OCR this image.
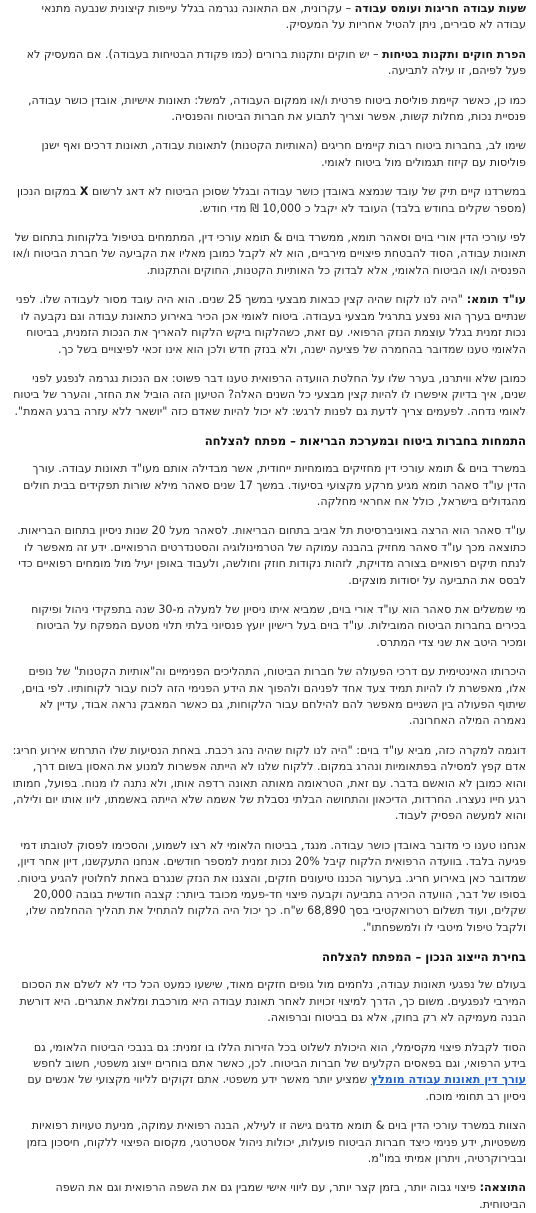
שעות עבודה חריגות ועומס עבודה – עקרונית, אם התאונה נגרמה בגלל עייפות קיצונית שנבעה מתנאי עבודה לא סבירים, ניתן להטיל אחריות על המעסיק.

הפרת חוקים ותקנות בטיחות – יש חוקים ותקנות ברורים (כמו פקודת הבטיחות בעבודה). אם המעסיק לא פעל לפיהם, זו עילה לתביעה.

כמו כן, כאשר קיימת פוליסת ביטוח פרטית ו/או ממקום העבודה, למשל: תאונות אישיות, אובדן כושר עבודה, פנסיית נכות, מחלות קשות, אפשר וצריך לתבוע את חברות הביטוח והפנסיה.

שימו לב, בחברות ביטוח רבות קיימים חריגים (האותיות הקטנות) לתאונות עבודה, תאונות דרכים ואף ישנן פוליסות עם קיזוז תגמולים מול ביטוח לאומי.

במשרדנו קיים תיק של עובד שנמצא באובדן כושר עבודה ובגלל שסוכן הביטוח לא דאג לרשום X במקום הנכון (מספר שקלים בחודש בלבד) העובד לא יקבל כ 10,000 ₪ מדי חודש.

לפי עורכי הדין אורי בוים וסאהר תומא, ממשרד בוים & תומא עורכי דין, המתמחים בטיפול בלקוחות בתחום של תאונות עבודה, הסוד להבטחת פיצויים מירביים, הוא לא לקבל כמובן מאליו את הקביעה של חברת הביטוח ו/או הפנסיה ו/או הביטוח הלאומי, אלא לבדוק כל האותיות הקטנות, החוקים והתקנות.

עו"ד תומא: "היה לנו לקוח שהיה קצין כבאות מבצעי במשך 25 שנים. הוא היה עובד מסור לעבודה שלו. לפני שנתיים בערך הוא נפצע בתרגיל מבצעי בעבודה. ביטוח לאומי אכן הכיר באירוע כתאונת עבודה וגם נקבעה לו נכות זמנית בגלל עוצמת הנזק הרפואי. עם זאת, כשהלקוח ביקש הלקוח להאריך את הנכות הזמנית, בביטוח הלאומי טענו שמדובר בהחמרה של פציעה ישנה, ולא בנזק חדש ולכן הוא אינו זכאי לפיצויים בשל כך.

כמובן שלא וויתרנו, בערר שלו על החלטת הוועדה הרפואית טענו דבר פשוט: אם הנכות נגרמה לנפגע לפני שנים, איך בדיוק איפשרו לו להיות קצין מבצעי כל השנים האלה? הטיעון הזה הוביל את החזר, והערר של ביטוח לאומי נדחה. לפעמים צריך לדעת גם לפנות לרגש: לא יכול להיות שאדם כזה "יושאר ללא עזרה ברגע האמת".

התמחות בחברות ביטוח ובמערכת הבריאות – מפתח להצלחה

במשרד בוים & תומא עורכי דין מחזיקים במומחיות ייחודית, אשר מבדילה אותם מעו"ד תאונות עבודה. עורך הדין עו"ד סאהר תומא מגיע מרקע מקצועי בסיעוד. במשך 17 שנים סאהר מילא שורות תפקידים בבית חולים מהגדולים בישראל, כולל אח אחראי מחלקה.

עו"ד סאהר הוא הרצה באוניברסיטת תל אביב בתחום הבריאות. לסאהר מעל 20 שנות ניסיון בתחום הבריאות. כתוצאה מכך עו"ד סאהר מחזיק בהבנה עמוקה של הטרמינולוגיה והסטנדרטים הרפואיים. ידע זה מאפשר לו לנתח תיקים רפואיים בצורה מדויקת, לזהות נקודות חוזק וחולשה, ולעבוד באופן יעיל מול מומחים רפואיים כדי לבסס את התביעה על יסודות מוצקים.

מי שמשלים את סאהר הוא עו"ד אורי בוים, שמביא איתו ניסיון של למעלה מ-30 שנה בתפקידי ניהול ופיקוח בכירים בחברות הביטוח המובילות. עו"ד בוים בעל רישיון יועץ פנסיוני בלתי תלוי מטעם המפקח על הביטוח ומכיר היטב את שני צדי המתרס.

היכרותו האינטימית עם דרכי הפעולה של חברות הביטוח, התהליכים הפנימיים וה"אותיות הקטנות" של נופים אלו, מאפשרת לו להיות תמיד צעד אחד לפניהם ולהפוך את הידע הפנימי הזה לכוח עבור לקוחותיו. לפי בוים, שיתוף הפעולה בין השניים מאפשר להם להילחם עבור הלקוחות, גם כאשר המאבק נראה אבוד, עדיין לא נאמרה המילה האחרונה.

דוגמה למקרה כזה, מביא עו"ד בוים: "היה לנו לקוח שהיה נהג רכבת. באחת הנסיעות שלו התרחש אירוע חריג: אדם קפץ למסילה בפתאומיות ונהרג במקום. ללקוח שלנו לא הייתה אפשרות למנוע את האסון בשום דרך, והוא כמובן לא הואשם בדבר. עם זאת, הטראומה מאותה תאונה רדפה אותו, ולא נתנה לו מנוח. בפועל, חמותו רגע חייו נעצרו. החרדות, הדיכאון והתחושה הבלתי נסבלת של אשמה שלא הייתה באשמתו, ליוו אותו יום ולילה, והוא למעשה הפסיק לעבוד.

אנחנו טענו כי מדובר באובדן כושר עבודה. מנגד, בביטוח הלאומי לא רצו לשמוע, והסכימו לפסוק לטובתו דמי פגיעה בלבד. בוועדה הרפואית הלקוח קיבל 20% נכות זמנית למספר חודשים. אנחנו התעקשנו, דיון אחר דיון, שמדובר כאן באירוע חריג. בערעור הכננו טיעונים חזקים, והצגנו את הנזק שנגרם באחת לחלוטין להגיע ביטוח. בסופו של דבר, הוועדה הכירה בתביעה וקבעה פיצוי חד-פעמי מכובד ביותר: קצבה חודשית בגובה 20,000 שקלים, ועוד תשלום רטרואקטיבי בסך 68,890 ש"ח. כך יכול היה הלקוח להתחיל את תהליך ההחלמה שלו, ולקבל טיפול מיטבי לו ולמשפחתו".

בחירת הייצוג הנכון – המפתח להצלחה

בעולם של נפגעי תאונות עבודה, נלחמים מול גופים חזקים מאוד, שישעו כמעט הכל כדי לא לשלם את הסכום המירבי לנפגעים. משום כך, הדרך למיצוי זכויות לאחר תאונת עבודה היא מורכבת ומלאת אתגרים. היא דורשת הבנה מעמיקה לא רק בחוק, אלא גם בביטוח וברפואה.

הסוד לקבלת פיצוי מקסימלי, הוא היכולת לשלוט בכל הזירות הללו בו זמנית: גם בנבכי הביטוח הלאומי, גם בידע הרפואי, וגם בפאסים הקלעים של חברות הביטוח. לכן, כאשר אתם בוחרים ייצוג משפטי, חשוב לחפש עורך דין תאונות עבודה מומלץ שמציע יותר מאשר ידע משפטי. אתם זקוקים לליווי מקצועי של אנשים עם ניסיון רב תחומי מוכח.

הצוות במשרד עורכי הדין בוים & תומא מדגים גישה זו לעילא, הבנה רפואית עמוקה, מניעת טעויות רפואיות משפטיות, ידע פנימי כיצד חברות הביטוח פועלות, יכולות ניהול אסטרטגי, מקסום הפיצוי ללקוח, חיסכון בזמן ובבירוקרטיה, ויתרון אמיתי במו"מ.

התוצאה: פיצוי גבוה יותר, בזמן קצר יותר, עם ליווי אישי שמבין גם את השפה הרפואית וגם את השפה הביטוחית.
